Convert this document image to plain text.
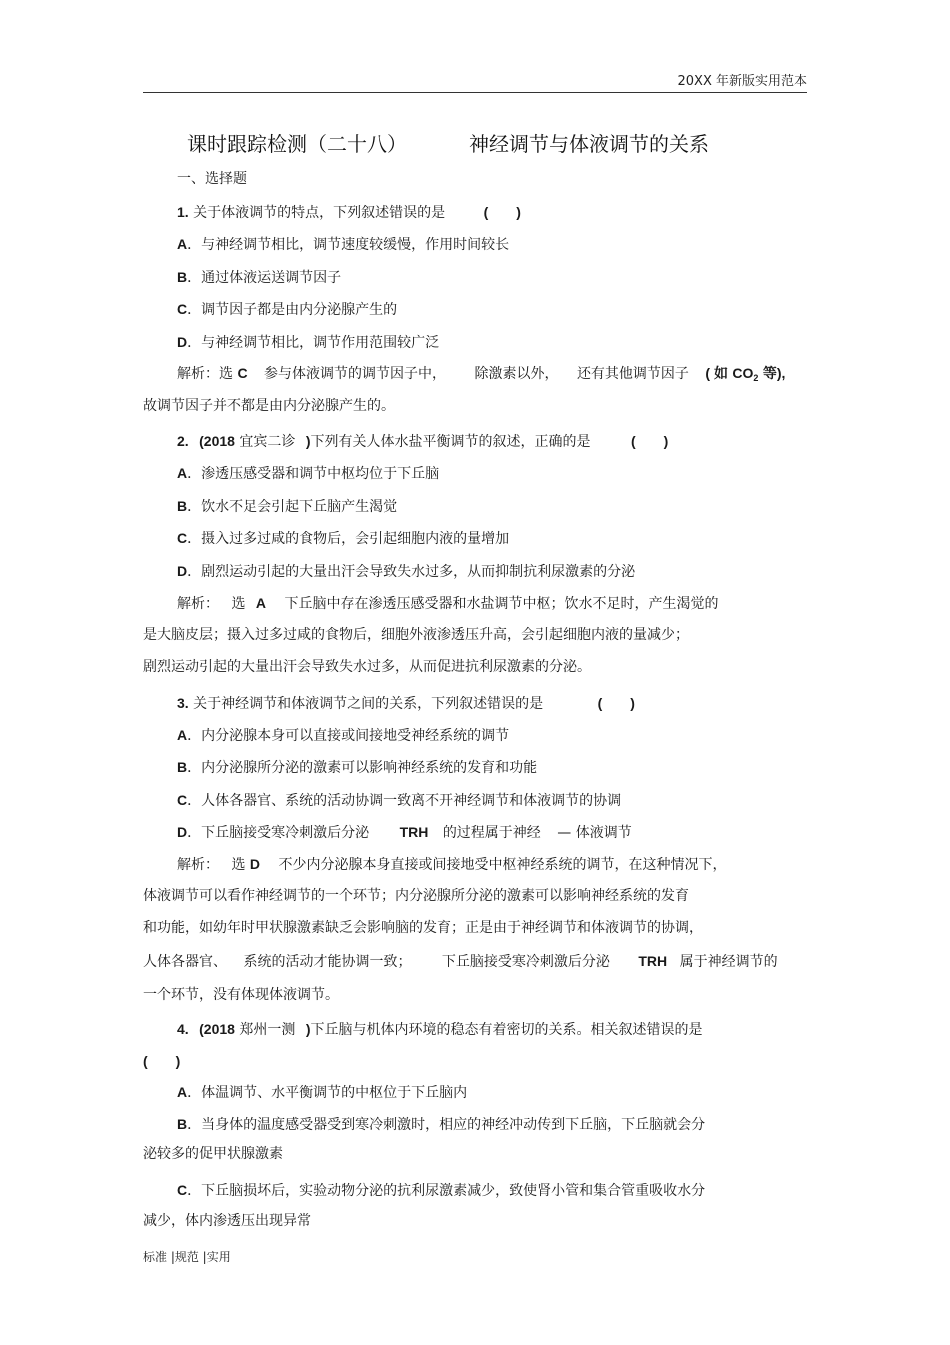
20XX 年新版实用范本
课时跟踪检测（二十八）	神经调节与体液调节的关系
一、选择题
1. 关于体液调节的特点，下列叙述错误的是	(　　)
A．与神经调节相比，调节速度较缓慢，作用时间较长
B．通过体液运送调节因子
C．调节因子都是由内分泌腺产生的
D．与神经调节相比，调节作用范围较广泛
解析：选 C 参与体液调节的调节因子中， 除激素以外， 还有其他调节因子 ( 如 $CO_2$ 等),
故调节因子并不都是由内分泌腺产生的。
2. (2018 宜宾二诊 )下列有关人体水盐平衡调节的叙述，正确的是	(　　)
A．渗透压感受器和调节中枢均位于下丘脑
B．饮水不足会引起下丘脑产生渴觉
C．摄入过多过咸的食物后，会引起细胞内液的量增加
D．剧烈运动引起的大量出汗会导致失水过多，从而抑制抗利尿激素的分泌
解析： 选 A 下丘脑中存在渗透压感受器和水盐调节中枢；饮水不足时，产生渴觉的
是大脑皮层；摄入过多过咸的食物后，细胞外液渗透压升高，会引起细胞内液的量减少；
剧烈运动引起的大量出汗会导致失水过多，从而促进抗利尿激素的分泌。
3. 关于神经调节和体液调节之间的关系，下列叙述错误的是	(　　)
A．内分泌腺本身可以直接或间接地受神经系统的调节
B．内分泌腺所分泌的激素可以影响神经系统的发育和功能
C．人体各器官、系统的活动协调一致离不开神经调节和体液调节的协调
D．下丘脑接受寒冷刺激后分泌 TRH 的过程属于神经 — 体液调节
解析： 选 D 不少内分泌腺本身直接或间接地受中枢神经系统的调节，在这种情况下，
体液调节可以看作神经调节的一个环节；内分泌腺所分泌的激素可以影响神经系统的发育
和功能，如幼年时甲状腺激素缺乏会影响脑的发育；正是由于神经调节和体液调节的协调，
人体各器官、 系统的活动才能协调一致； 下丘脑接受寒冷刺激后分泌 TRH 属于神经调节的
一个环节，没有体现体液调节。
4. (2018 郑州一测 )下丘脑与机体内环境的稳态有着密切的关系。相关叙述错误的是
(　　)
A．体温调节、水平衡调节的中枢位于下丘脑内
B．当身体的温度感受器受到寒冷刺激时，相应的神经冲动传到下丘脑，下丘脑就会分
泌较多的促甲状腺激素
C．下丘脑损坏后，实验动物分泌的抗利尿激素减少，致使肾小管和集合管重吸收水分
减少，体内渗透压出现异常
标准 |规范 |实用
